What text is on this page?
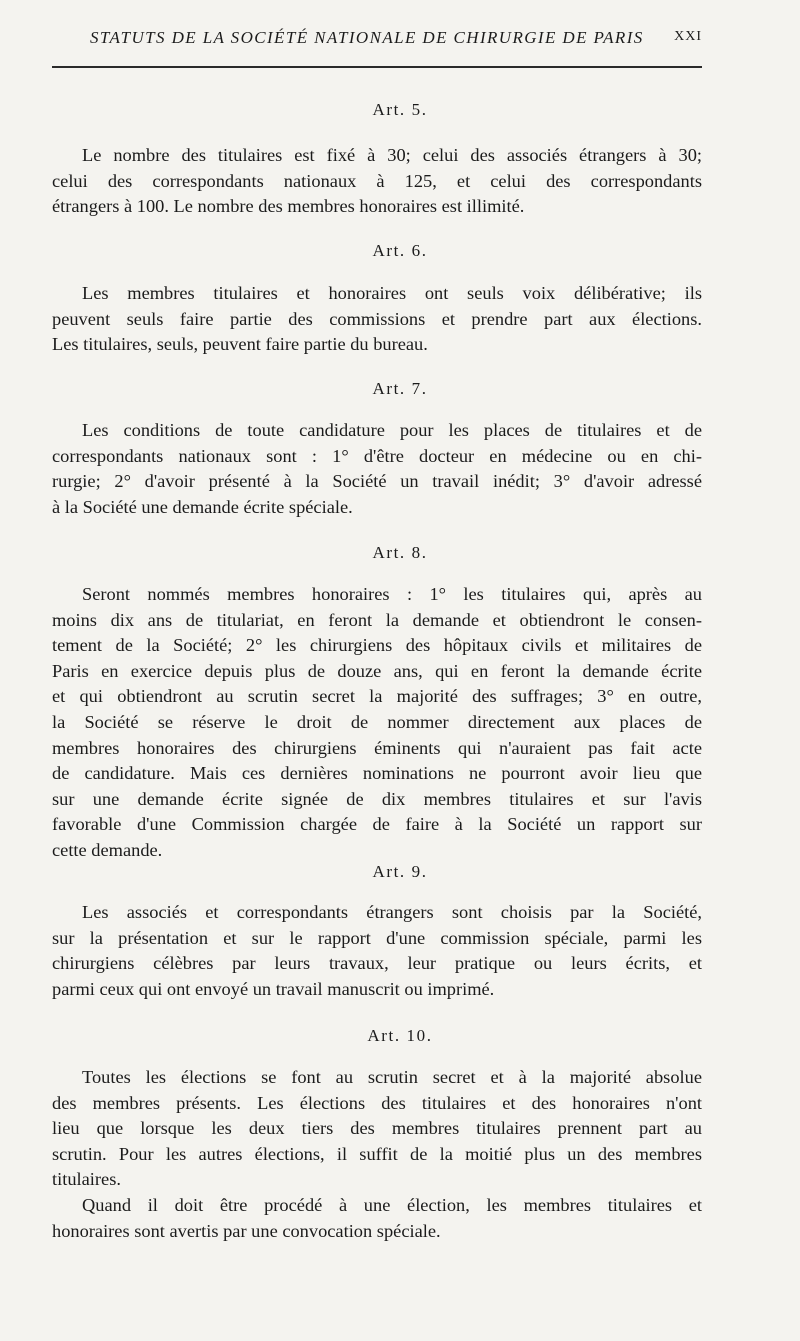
STATUTS DE LA SOCIÉTÉ NATIONALE DE CHIRURGIE DE PARIS XXI
Art. 5.
Le nombre des titulaires est fixé à 30; celui des associés étrangers à 30;
celui des correspondants nationaux à 125, et celui des correspondants
étrangers à 100. Le nombre des membres honoraires est illimité.
Art. 6.
Les membres titulaires et honoraires ont seuls voix délibérative; ils
peuvent seuls faire partie des commissions et prendre part aux élections.
Les titulaires, seuls, peuvent faire partie du bureau.
Art. 7.
Les conditions de toute candidature pour les places de titulaires et de
correspondants nationaux sont : 1° d'être docteur en médecine ou en chi-
rurgie; 2° d'avoir présenté à la Société un travail inédit; 3° d'avoir adressé
à la Société une demande écrite spéciale.
Art. 8.
Seront nommés membres honoraires : 1° les titulaires qui, après au
moins dix ans de titulariat, en feront la demande et obtiendront le consen-
tement de la Société; 2° les chirurgiens des hôpitaux civils et militaires de
Paris en exercice depuis plus de douze ans, qui en feront la demande écrite
et qui obtiendront au scrutin secret la majorité des suffrages; 3° en outre,
la Société se réserve le droit de nommer directement aux places de
membres honoraires des chirurgiens éminents qui n'auraient pas fait acte
de candidature. Mais ces dernières nominations ne pourront avoir lieu que
sur une demande écrite signée de dix membres titulaires et sur l'avis
favorable d'une Commission chargée de faire à la Société un rapport sur
cette demande.
Art. 9.
Les associés et correspondants étrangers sont choisis par la Société,
sur la présentation et sur le rapport d'une commission spéciale, parmi les
chirurgiens célèbres par leurs travaux, leur pratique ou leurs écrits, et
parmi ceux qui ont envoyé un travail manuscrit ou imprimé.
Art. 10.
Toutes les élections se font au scrutin secret et à la majorité absolue
des membres présents. Les élections des titulaires et des honoraires n'ont
lieu que lorsque les deux tiers des membres titulaires prennent part au
scrutin. Pour les autres élections, il suffit de la moitié plus un des membres
titulaires.
Quand il doit être procédé à une élection, les membres titulaires et
honoraires sont avertis par une convocation spéciale.
